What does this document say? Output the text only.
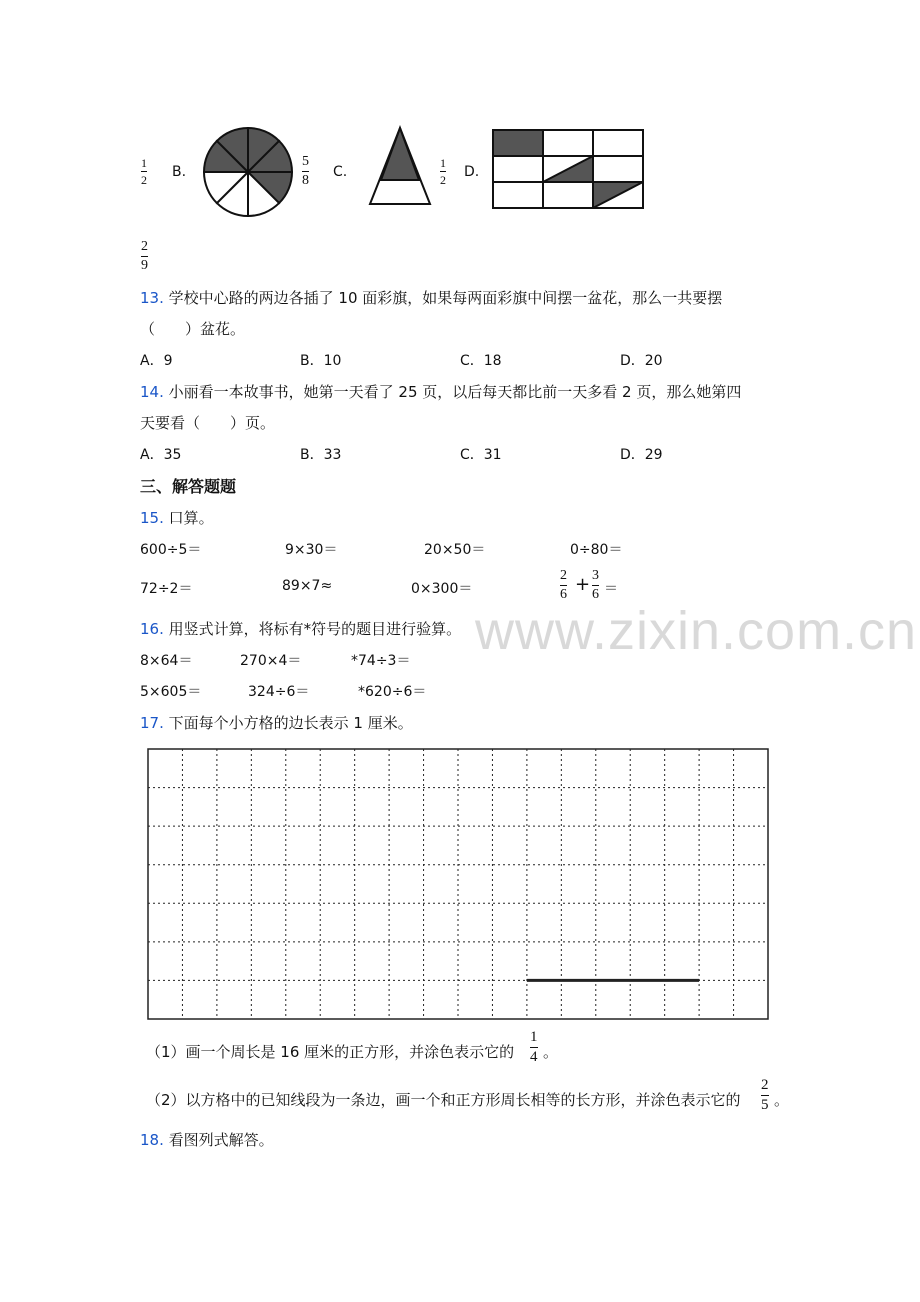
1
2 B.
5
8
C.
1
2 D.
2
9
13. 学校中心路的两边各插了 10 面彩旗，如果每两面彩旗中间摆一盆花，那么一共要摆
（　　）盆花。
A．9	B．10	C．18	D．20
14. 小丽看一本故事书，她第一天看了 25 页，以后每天都比前一天多看 2 页，那么她第四
天要看（　　）页。
A．35	B．33	C．31	D．29
三、解答题题
15. 口算。
600÷5＝	9×30＝	20×50＝	0÷80＝
72÷2＝	89×7≈	0×300＝
2
6 + 3
6 ＝
16. 用竖式计算，将标有*符号的题目进行验算。
8×64＝	270×4＝	*74÷3＝
5×605＝	324÷6＝	*620÷6＝
17. 下面每个小方格的边长表示 1 厘米。
（1）画一个周长是 16 厘米的正方形，并涂色表示它的
1
4 。
（2）以方格中的已知线段为一条边，画一个和正方形周长相等的长方形，并涂色表示它的
2
5 。
18. 看图列式解答。
www.zixin.com.cn
